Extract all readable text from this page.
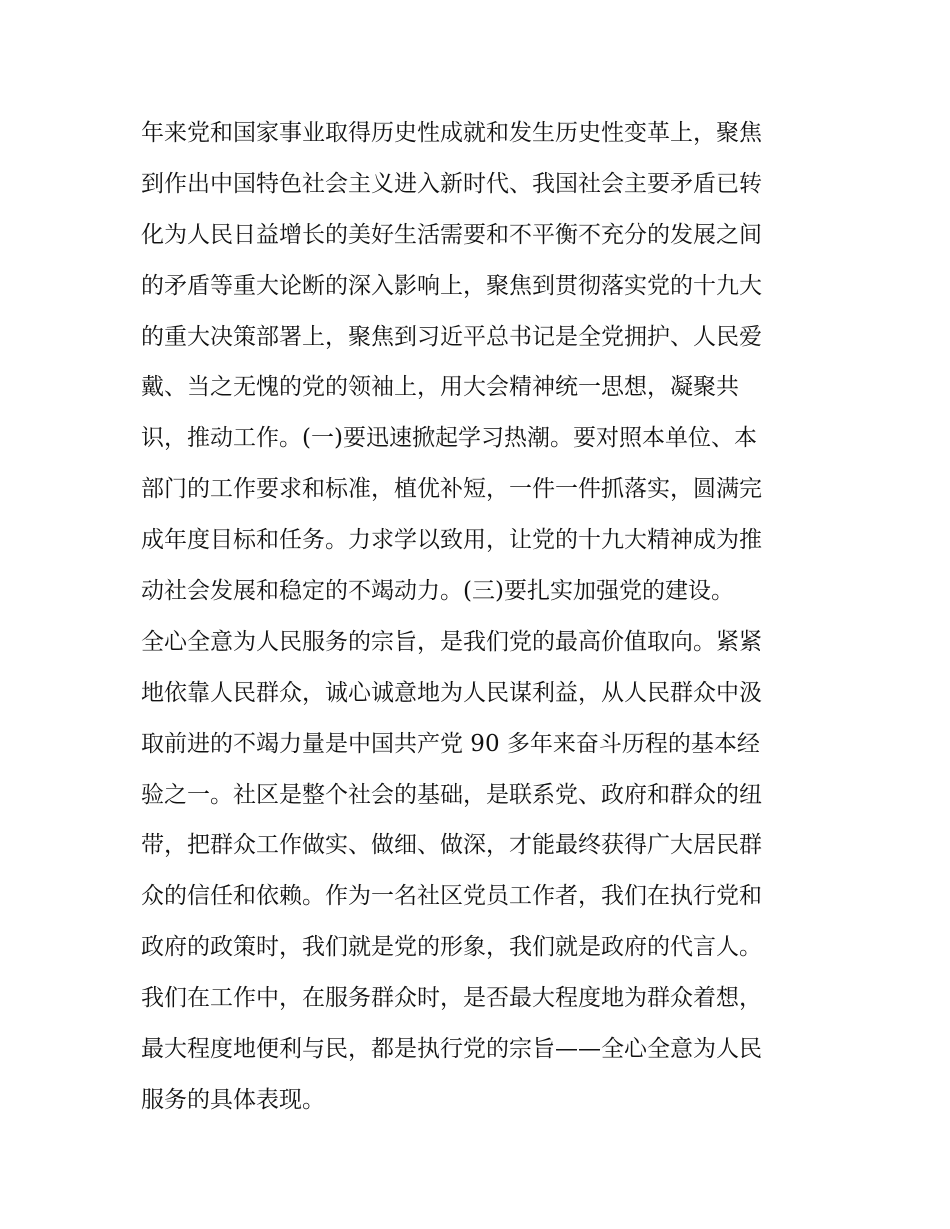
年来党和国家事业取得历史性成就和发生历史性变革上，聚焦
到作出中国特色社会主义进入新时代、我国社会主要矛盾已转
化为人民日益增长的美好生活需要和不平衡不充分的发展之间
的矛盾等重大论断的深入影响上，聚焦到贯彻落实党的十九大
的重大决策部署上，聚焦到习近平总书记是全党拥护、人民爱
戴、当之无愧的党的领袖上，用大会精神统一思想，凝聚共
识，推动工作。(一)要迅速掀起学习热潮。要对照本单位、本
部门的工作要求和标准，植优补短，一件一件抓落实，圆满完
成年度目标和任务。力求学以致用，让党的十九大精神成为推
动社会发展和稳定的不竭动力。(三)要扎实加强党的建设。
全心全意为人民服务的宗旨，是我们党的最高价值取向。紧紧
地依靠人民群众，诚心诚意地为人民谋利益，从人民群众中汲
取前进的不竭力量是中国共产党 90 多年来奋斗历程的基本经
验之一。社区是整个社会的基础，是联系党、政府和群众的纽
带，把群众工作做实、做细、做深，才能最终获得广大居民群
众的信任和依赖。作为一名社区党员工作者，我们在执行党和
政府的政策时，我们就是党的形象，我们就是政府的代言人。
我们在工作中，在服务群众时，是否最大程度地为群众着想，
最大程度地便利与民，都是执行党的宗旨——全心全意为人民
服务的具体表现。
